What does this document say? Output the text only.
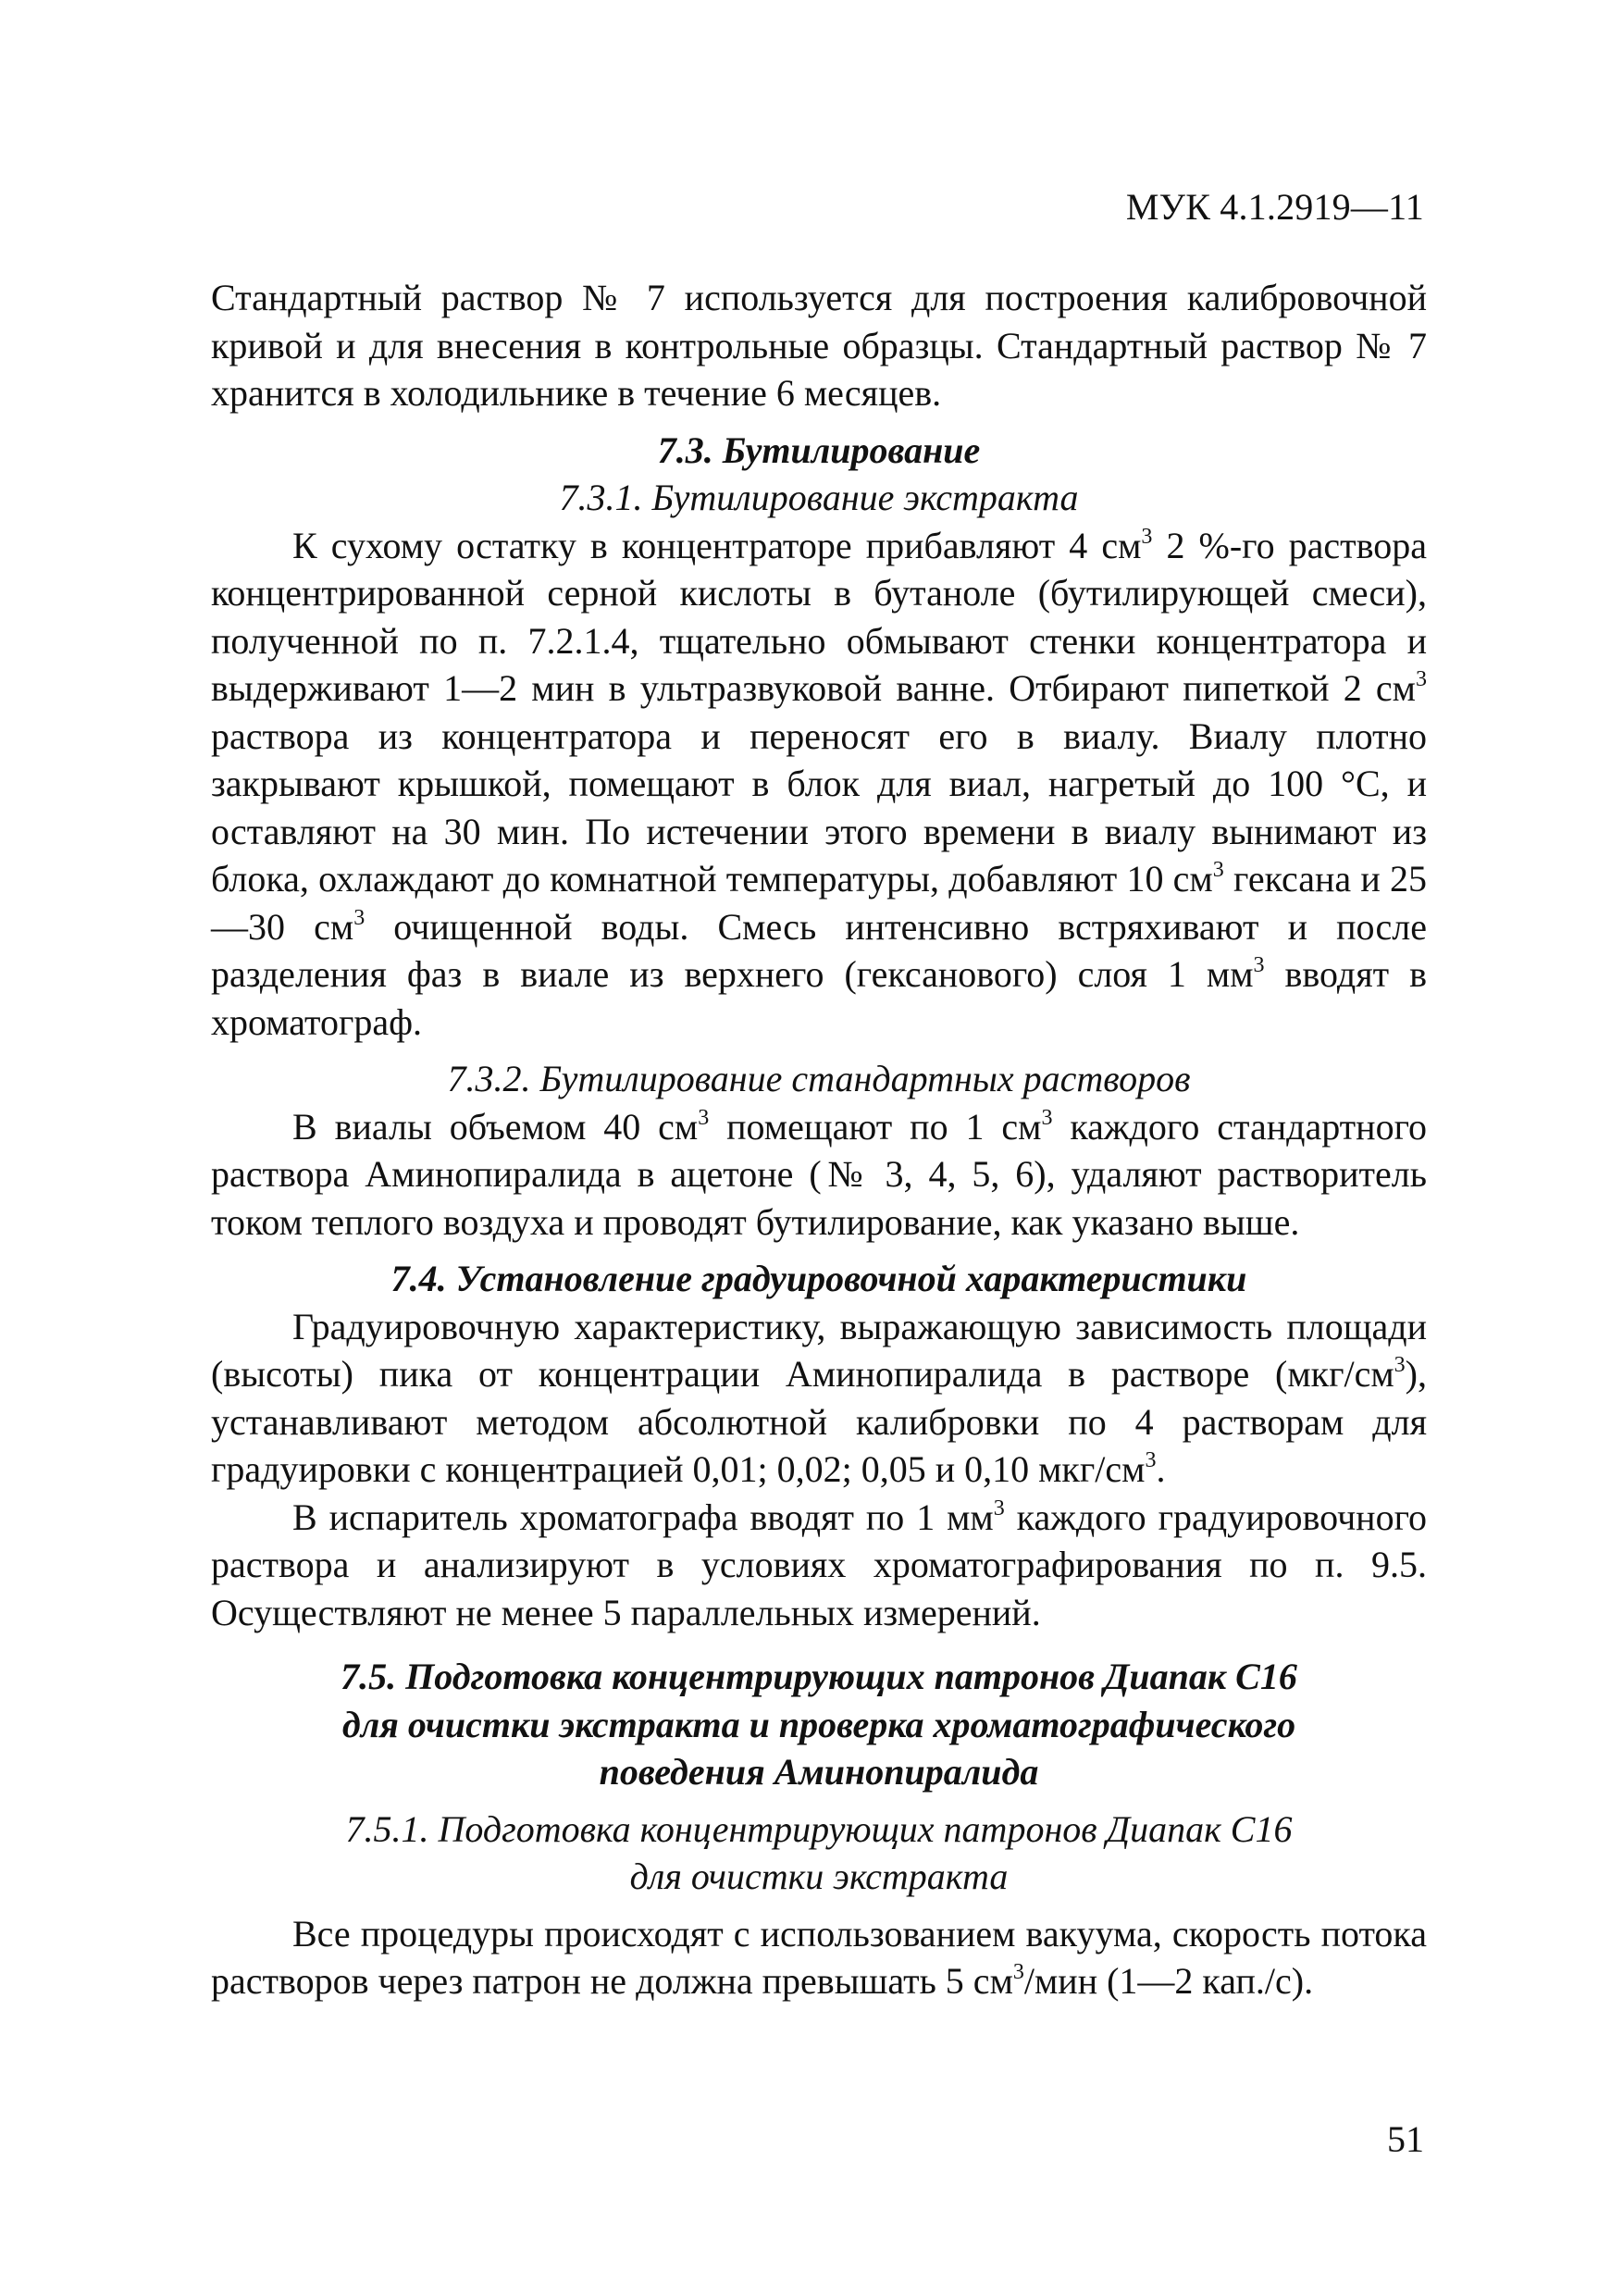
МУК 4.1.2919—11

Стандартный раствор № 7 используется для построения калибровочной кривой и для внесения в контрольные образцы. Стандартный раствор № 7 хранится в холодильнике в течение 6 месяцев.

7.3. Бутилирование
7.3.1. Бутилирование экстракта

К сухому остатку в концентраторе прибавляют 4 $см^3$ 2 %-го раствора концентрированной серной кислоты в бутаноле (бутилирующей смеси), полученной по п. 7.2.1.4, тщательно обмывают стенки концентратора и выдерживают 1—2 мин в ультразвуковой ванне. Отбирают пипеткой 2 $см^3$ раствора из концентратора и переносят его в виалу. Виалу плотно закрывают крышкой, помещают в блок для виал, нагретый до 100 °С, и оставляют на 30 мин. По истечении этого времени в виалу вынимают из блока, охлаждают до комнатной температуры, добавляют 10 $см^3$ гексана и 25—30 $см^3$ очищенной воды. Смесь интенсивно встряхивают и после разделения фаз в виале из верхнего (гексанового) слоя 1 $мм^3$ вводят в хроматограф.

7.3.2. Бутилирование стандартных растворов

В виалы объемом 40 $см^3$ помещают по 1 $см^3$ каждого стандартного раствора Аминопиралида в ацетоне (№ 3, 4, 5, 6), удаляют растворитель током теплого воздуха и проводят бутилирование, как указано выше.

7.4. Установление градуировочной характеристики

Градуировочную характеристику, выражающую зависимость площади (высоты) пика от концентрации Аминопиралида в растворе $(мкг/см^3)$, устанавливают методом абсолютной калибровки по 4 растворам для градуировки с концентрацией 0,01; 0,02; 0,05 и 0,10 мкг/$см^3$.

В испаритель хроматографа вводят по 1 $мм^3$ каждого градуировочного раствора и анализируют в условиях хроматографирования по п. 9.5. Осуществляют не менее 5 параллельных измерений.

7.5. Подготовка концентрирующих патронов Диапак С16
для очистки экстракта и проверка хроматографического
поведения Аминопиралида
7.5.1. Подготовка концентрирующих патронов Диапак С16
для очистки экстракта

Все процедуры происходят с использованием вакуума, скорость потока растворов через патрон не должна превышать 5 $см^3$/мин (1—2 кап./с).

51
